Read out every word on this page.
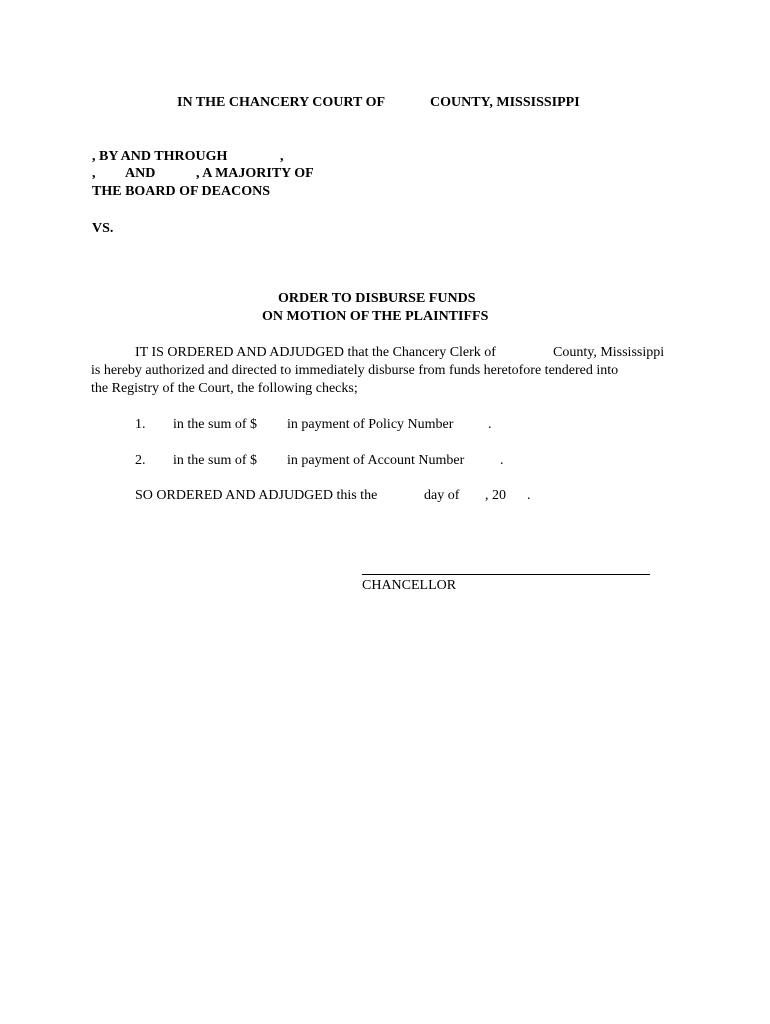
IN THE CHANCERY COURT OF	COUNTY, MISSISSIPPI
, BY AND THROUGH	,
, AND	, A MAJORITY OF
THE BOARD OF DEACONS
VS.
ORDER TO DISBURSE FUNDS
ON MOTION OF THE PLAINTIFFS
IT IS ORDERED AND ADJUDGED that the Chancery Clerk of	County, Mississippi
is hereby authorized and directed to immediately disburse from funds heretofore tendered into
the Registry of the Court, the following checks;
1. in the sum of $ in payment of Policy Number .
2. in the sum of $ in payment of Account Number	.
SO ORDERED AND ADJUDGED this the	day of , 20 .
CHANCELLOR
